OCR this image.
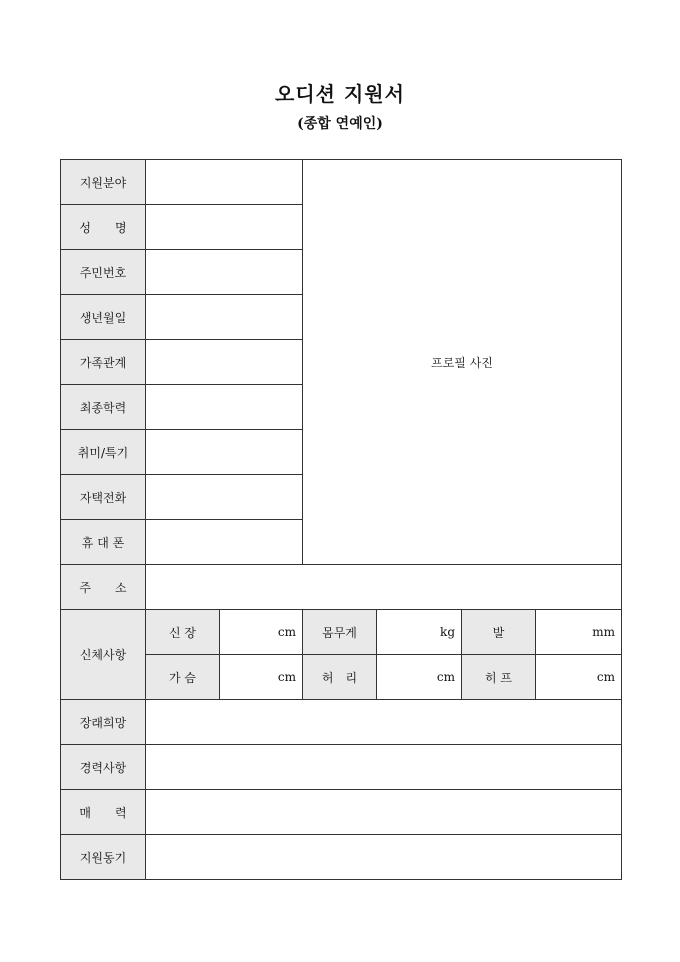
오디션 지원서
(종합 연예인)
지원분야			프로필 사진			
성　　명						
주민번호						
생년월일						
가족관계						
최종학력						
취미/특기						
자택전화						
휴 대 폰						
주　　소						
신체사항	신 장	cm	몸무게	kg	발	mm
	가 슴	cm	허　리	cm	히 프	cm
장래희망						
경력사항						
매　　력						
지원동기						
